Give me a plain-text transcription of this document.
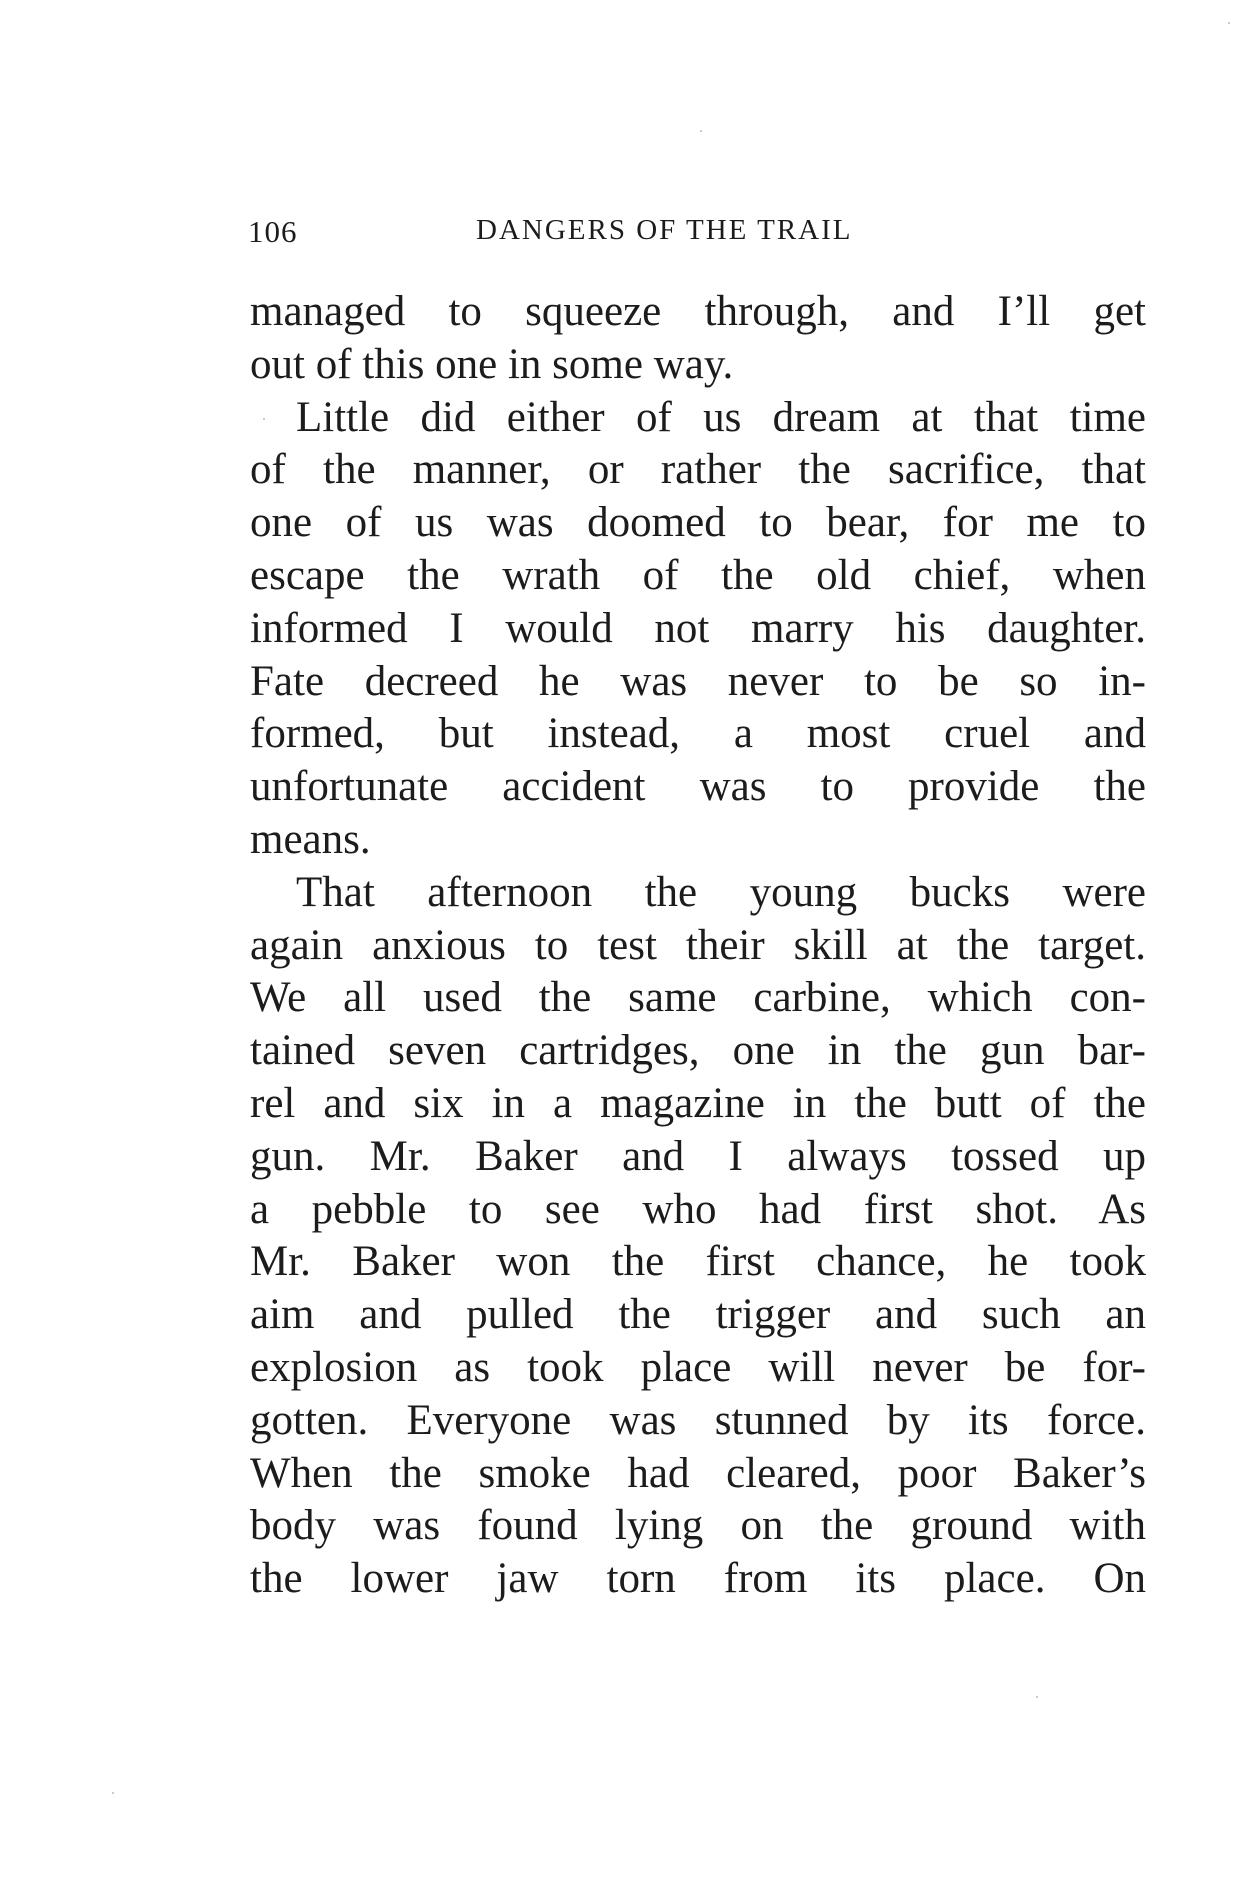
106	DANGERS OF THE TRAIL
managed to squeeze through, and I’ll get
out of this one in some way.
Little did either of us dream at that time
of the manner, or rather the sacrifice, that
one of us was doomed to bear, for me to
escape the wrath of the old chief, when
informed I would not marry his daughter.
Fate decreed he was never to be so in-
formed, but instead, a most cruel and
unfortunate accident was to provide the
means.
That afternoon the young bucks were
again anxious to test their skill at the target.
We all used the same carbine, which con-
tained seven cartridges, one in the gun bar-
rel and six in a magazine in the butt of the
gun. Mr. Baker and I always tossed up
a pebble to see who had first shot. As
Mr. Baker won the first chance, he took
aim and pulled the trigger and such an
explosion as took place will never be for-
gotten. Everyone was stunned by its force.
When the smoke had cleared, poor Baker’s
body was found lying on the ground with
the lower jaw torn from its place. On
